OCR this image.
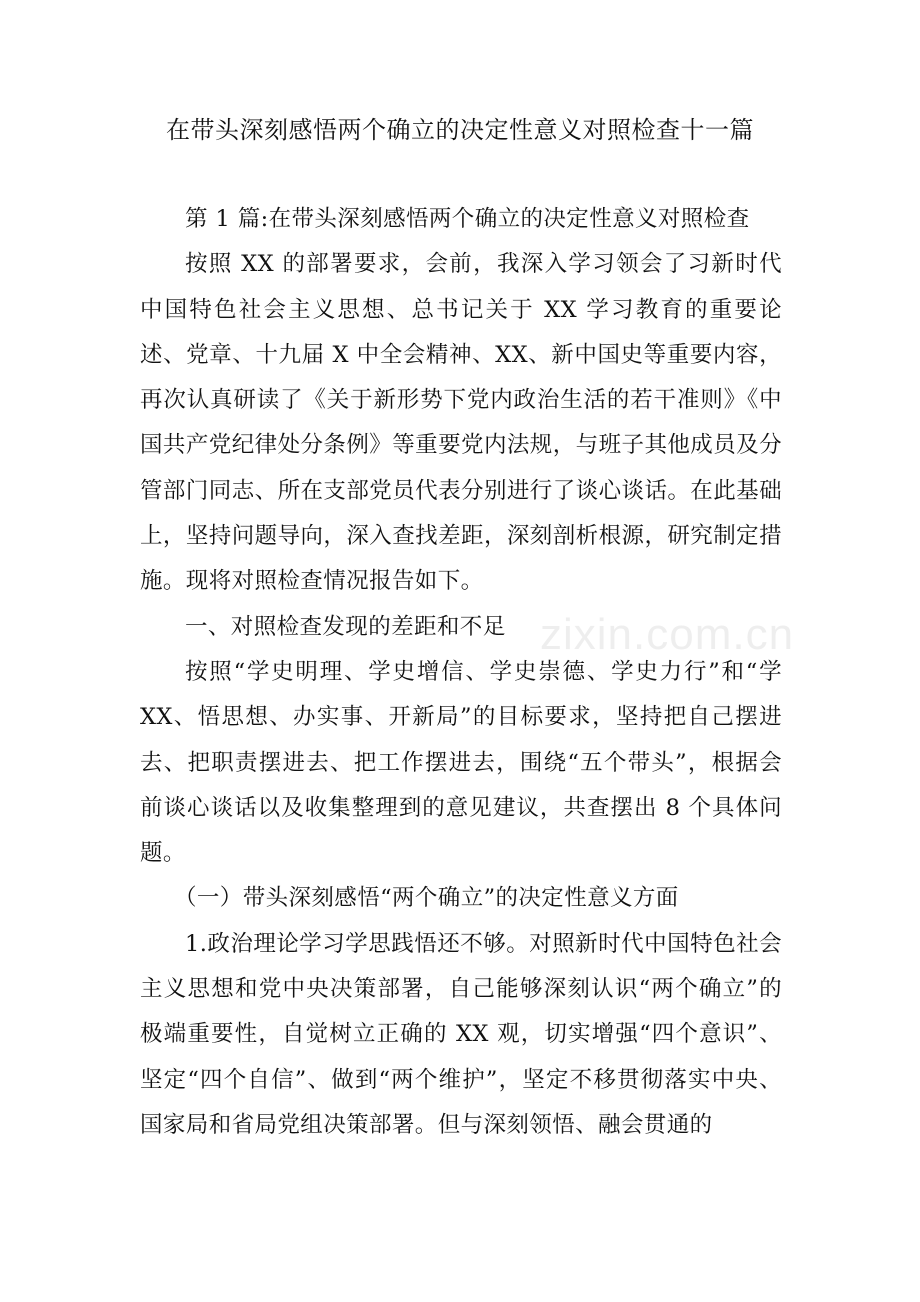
在带头深刻感悟两个确立的决定性意义对照检查十一篇

第 1 篇:在带头深刻感悟两个确立的决定性意义对照检查

按照 XX 的部署要求，会前，我深入学习领会了习新时代中国特色社会主义思想、总书记关于 XX 学习教育的重要论述、党章、十九届 X 中全会精神、XX、新中国史等重要内容，再次认真研读了《关于新形势下党内政治生活的若干准则》《中国共产党纪律处分条例》等重要党内法规，与班子其他成员及分管部门同志、所在支部党员代表分别进行了谈心谈话。在此基础上，坚持问题导向，深入查找差距，深刻剖析根源，研究制定措施。现将对照检查情况报告如下。

一、对照检查发现的差距和不足

按照“学史明理、学史增信、学史崇德、学史力行”和“学 XX、悟思想、办实事、开新局”的目标要求，坚持把自己摆进去、把职责摆进去、把工作摆进去，围绕“五个带头”，根据会前谈心谈话以及收集整理到的意见建议，共查摆出 8 个具体问题。

（一）带头深刻感悟“两个确立”的决定性意义方面

1.政治理论学习学思践悟还不够。对照新时代中国特色社会主义思想和党中央决策部署，自己能够深刻认识“两个确立”的极端重要性，自觉树立正确的 XX 观，切实增强“四个意识”、坚定“四个自信”、做到“两个维护”，坚定不移贯彻落实中央、国家局和省局党组决策部署。但与深刻领悟、融会贯通的

zixin.com.cn
